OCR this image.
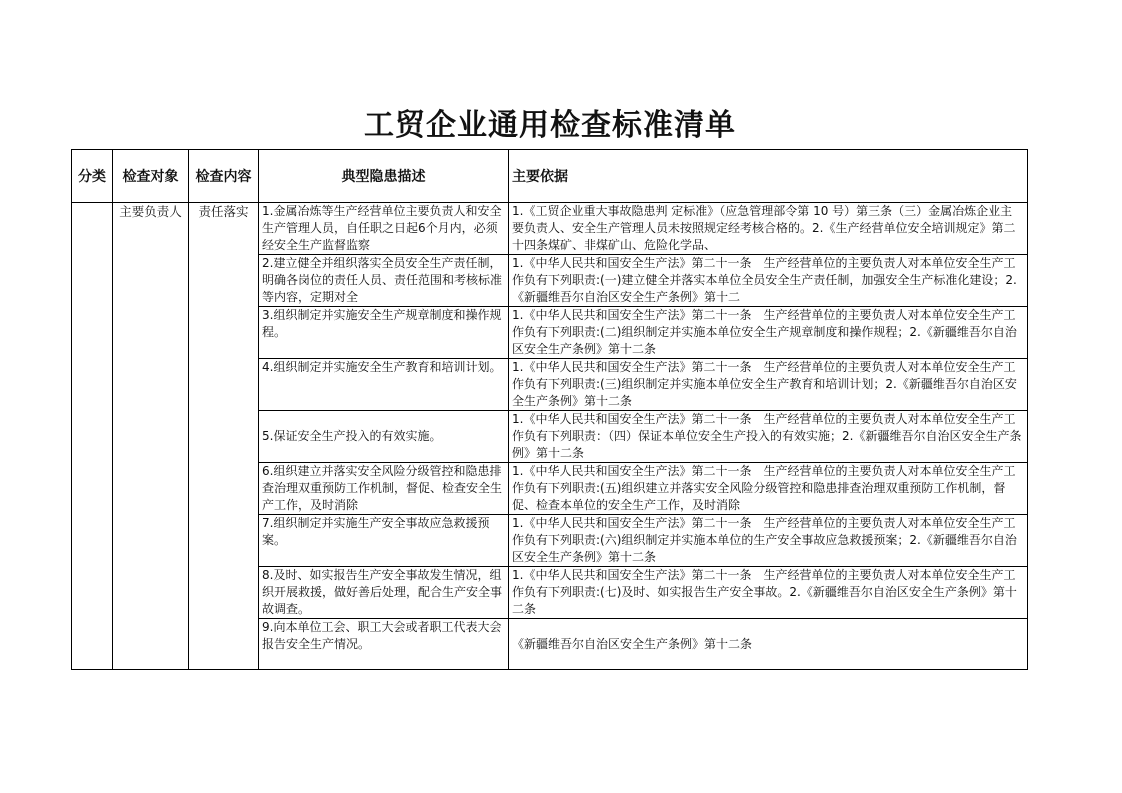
工贸企业通用检查标准清单
分类	检查对象	检查内容	典型隐患描述	主要依据
	主要负责人	责任落实	1.金属冶炼等生产经营单位主要负责人和安全生产管理人员，自任职之日起6个月内，必须经安全生产监督监察	1.《工贸企业重大事故隐患判 定标准》（应急管理部令第 10 号）第三条（三）金属冶炼企业主要负责人、安全生产管理人员未按照规定经考核合格的。2.《生产经营单位安全培训规定》第二十四条煤矿、非煤矿山、危险化学品、

			2.建立健全并组织落实全员安全生产责任制，明确各岗位的责任人员、责任范围和考核标准等内容，定期对全	1.《中华人民共和国安全生产法》第二十一条　生产经营单位的主要负责人对本单位安全生产工作负有下列职责:(一)建立健全并落实本单位全员安全生产责任制，加强安全生产标准化建设；2.《新疆维吾尔自治区安全生产条例》第十二

			3.组织制定并实施安全生产规章制度和操作规程。	1.《中华人民共和国安全生产法》第二十一条　生产经营单位的主要负责人对本单位安全生产工作负有下列职责:(二)组织制定并实施本单位安全生产规章制度和操作规程；2.《新疆维吾尔自治区安全生产条例》第十二条

			4.组织制定并实施安全生产教育和培训计划。	1.《中华人民共和国安全生产法》第二十一条　生产经营单位的主要负责人对本单位安全生产工作负有下列职责:(三)组织制定并实施本单位安全生产教育和培训计划；2.《新疆维吾尔自治区安全生产条例》第十二条

			5.保证安全生产投入的有效实施。	1.《中华人民共和国安全生产法》第二十一条　生产经营单位的主要负责人对本单位安全生产工作负有下列职责：（四）保证本单位安全生产投入的有效实施；2.《新疆维吾尔自治区安全生产条例》第十二条

			6.组织建立并落实安全风险分级管控和隐患排查治理双重预防工作机制，督促、检查安全生产工作，及时消除	1.《中华人民共和国安全生产法》第二十一条　生产经营单位的主要负责人对本单位安全生产工作负有下列职责:(五)组织建立并落实安全风险分级管控和隐患排查治理双重预防工作机制，督促、检查本单位的安全生产工作，及时消除

			7.组织制定并实施生产安全事故应急救援预案。	1.《中华人民共和国安全生产法》第二十一条　生产经营单位的主要负责人对本单位安全生产工作负有下列职责:(六)组织制定并实施本单位的生产安全事故应急救援预案；2.《新疆维吾尔自治区安全生产条例》第十二条

			8.及时、如实报告生产安全事故发生情况，组织开展救援，做好善后处理，配合生产安全事故调查。	1.《中华人民共和国安全生产法》第二十一条　生产经营单位的主要负责人对本单位安全生产工作负有下列职责:(七)及时、如实报告生产安全事故。2.《新疆维吾尔自治区安全生产条例》第十二条

			9.向本单位工会、职工大会或者职工代表大会报告安全生产情况。	《新疆维吾尔自治区安全生产条例》第十二条
